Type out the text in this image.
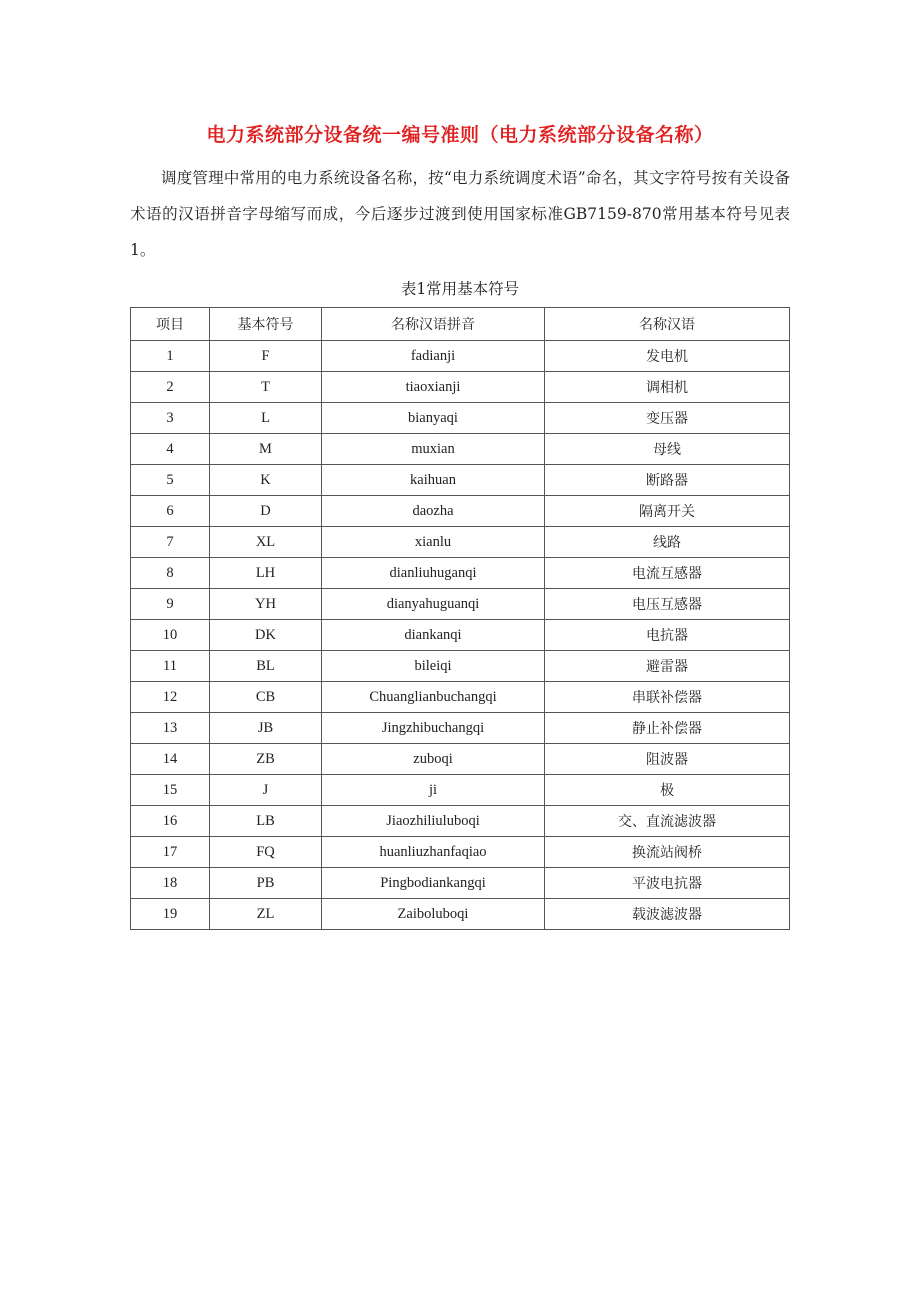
电力系统部分设备统一编号准则（电力系统部分设备名称）
调度管理中常用的电力系统设备名称，按“电力系统调度术语”命名，其文字符号按有关设备术语的汉语拼音字母缩写而成，今后逐步过渡到使用国家标准GB7159-870常用基本符号见表1。
表1常用基本符号
项目	基本符号	名称汉语拼音	名称汉语
1	F	fadianji	发电机
2	T	tiaoxianji	调相机
3	L	bianyaqi	变压器
4	M	muxian	母线
5	K	kaihuan	断路器
6	D	daozha	隔离开关
7	XL	xianlu	线路
8	LH	dianliuhuganqi	电流互感器
9	YH	dianyahuguanqi	电压互感器
10	DK	diankanqi	电抗器
11	BL	bileiqi	避雷器
12	CB	Chuanglianbuchangqi	串联补偿器
13	JB	Jingzhibuchangqi	静止补偿器
14	ZB	zuboqi	阻波器
15	J	ji	极
16	LB	Jiaozhiliuluboqi	交、直流滤波器
17	FQ	huanliuzhanfaqiao	换流站阀桥
18	PB	Pingbodiankangqi	平波电抗器
19	ZL	Zaiboluboqi	载波滤波器
